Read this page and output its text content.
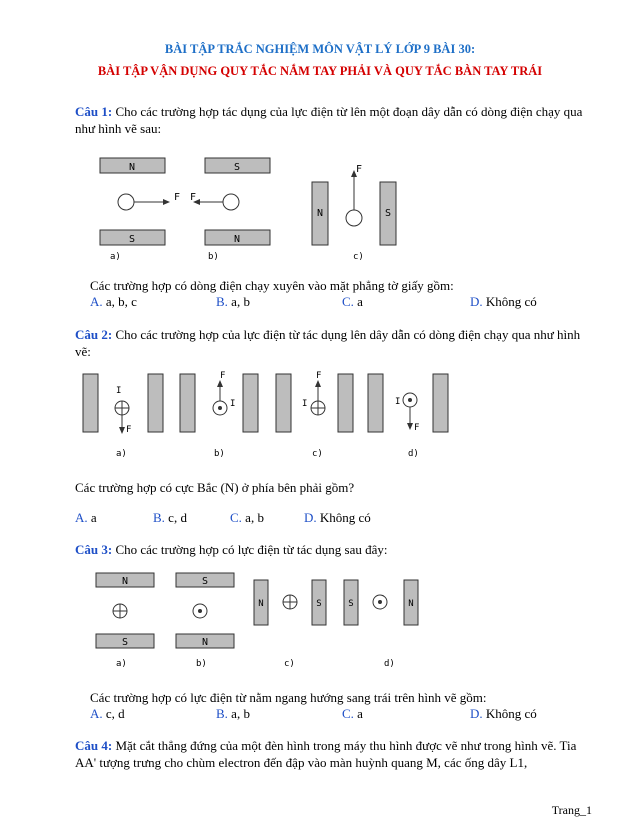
BÀI TẬP TRẮC NGHIỆM MÔN VẬT LÝ LỚP 9 BÀI 30:
BÀI TẬP VẬN DỤNG QUY TẮC NẮM TAY PHẢI VÀ QUY TẮC BÀN TAY TRÁI
Câu 1: Cho các trường hợp tác dụng của lực điện từ lên một đoạn dây dẫn có dòng điện chạy qua như hình vẽ sau:
N
S
F
a)
S
N
F
b)
N	S
F
c)
Các trường hợp có dòng điện chạy xuyên vào mặt phẳng tờ giấy gồm:
A. a, b, c	B. a, b	C. a	D. Không có
Câu 2: Cho các trường hợp của lực điện từ tác dụng lên dây dẫn có dòng điện chạy qua như hình vẽ:
I
F
a)
I
F
b)
I
F
c)
I
F
d)
Các trường hợp có cực Bắc (N) ở phía bên phải gồm?
A. a	B. c, d	C. a, b	D. Không có
Câu 3: Cho các trường hợp có lực điện từ tác dụng sau đây:
N
S
a)
S
N
b)
N	S
c)
S	N
d)
Các trường hợp có lực điện từ nằm ngang hướng sang trái trên hình vẽ gồm:
A. c, d	B. a, b	C. a	D. Không có
Câu 4: Mặt cắt thẳng đứng của một đèn hình trong máy thu hình được vẽ như trong hình vẽ. Tia AA' tượng trưng cho chùm electron đến đập vào màn huỳnh quang M, các ống dây L1,
Trang_1
